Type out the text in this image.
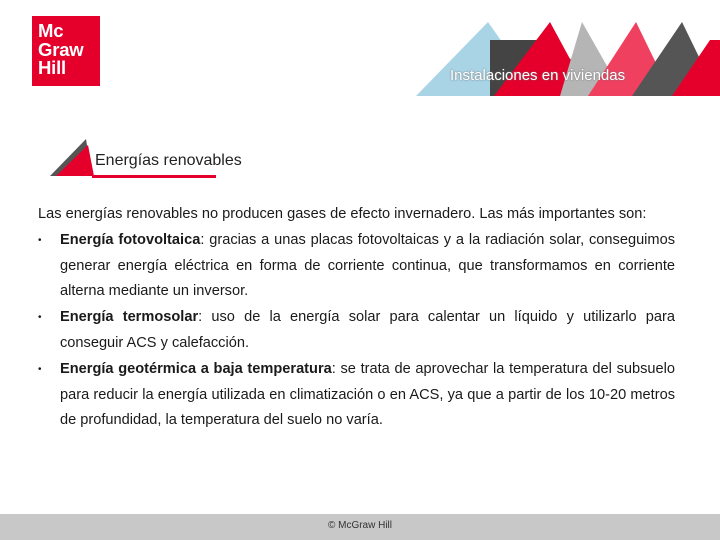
Mc
Graw
Hill	Instalaciones en viviendas
Energías renovables

Las energías renovables no producen gases de efecto invernadero. Las más importantes son:

• Energía fotovoltaica: gracias a unas placas fotovoltaicas y a la radiación solar, conseguimos generar energía eléctrica en forma de corriente continua, que transformamos en corriente alterna mediante un inversor.
• Energía termosolar: uso de la energía solar para calentar un líquido y utilizarlo para conseguir ACS y calefacción.
• Energía geotérmica a baja temperatura: se trata de aprovechar la temperatura del subsuelo para reducir la energía utilizada en climatización o en ACS, ya que a partir de los 10-20 metros de profundidad, la temperatura del suelo no varía.
© McGraw Hill
